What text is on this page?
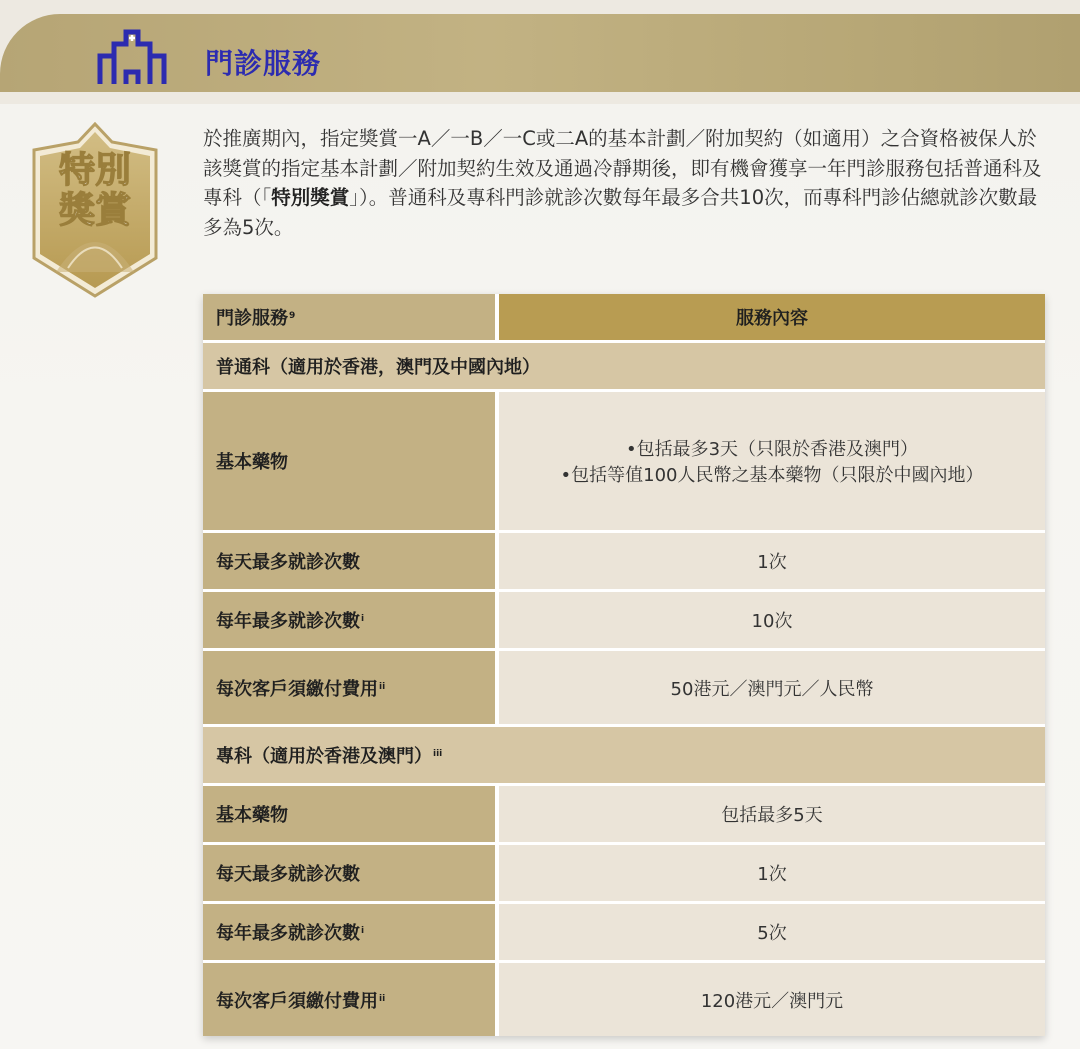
門診服務
特別
獎賞
於推廣期內，指定獎賞一A／一B／一C或二A的基本計劃／附加契約（如適用）之合資格被保人於該獎賞的指定基本計劃／附加契約生效及通過冷靜期後，即有機會獲享一年門診服務包括普通科及專科（「特別獎賞」）。普通科及專科門診就診次數每年最多合共10次，而專科門診佔總就診次數最多為5次。
門診服務$^9$	服務內容
普通科（適用於香港，澳門及中國內地）	
基本藥物	•包括最多3天（只限於香港及澳門）
•包括等值100人民幣之基本藥物（只限於中國內地）

每天最多就診次數	1次
每年最多就診次數$^i$	10次
每次客戶須繳付費用$^{ii}$	50港元／澳門元／人民幣
專科（適用於香港及澳門）$^{iii}$
基本藥物	包括最多5天
每天最多就診次數	1次
每年最多就診次數$^i$	5次
每次客戶須繳付費用$^{ii}$	120港元／澳門元
